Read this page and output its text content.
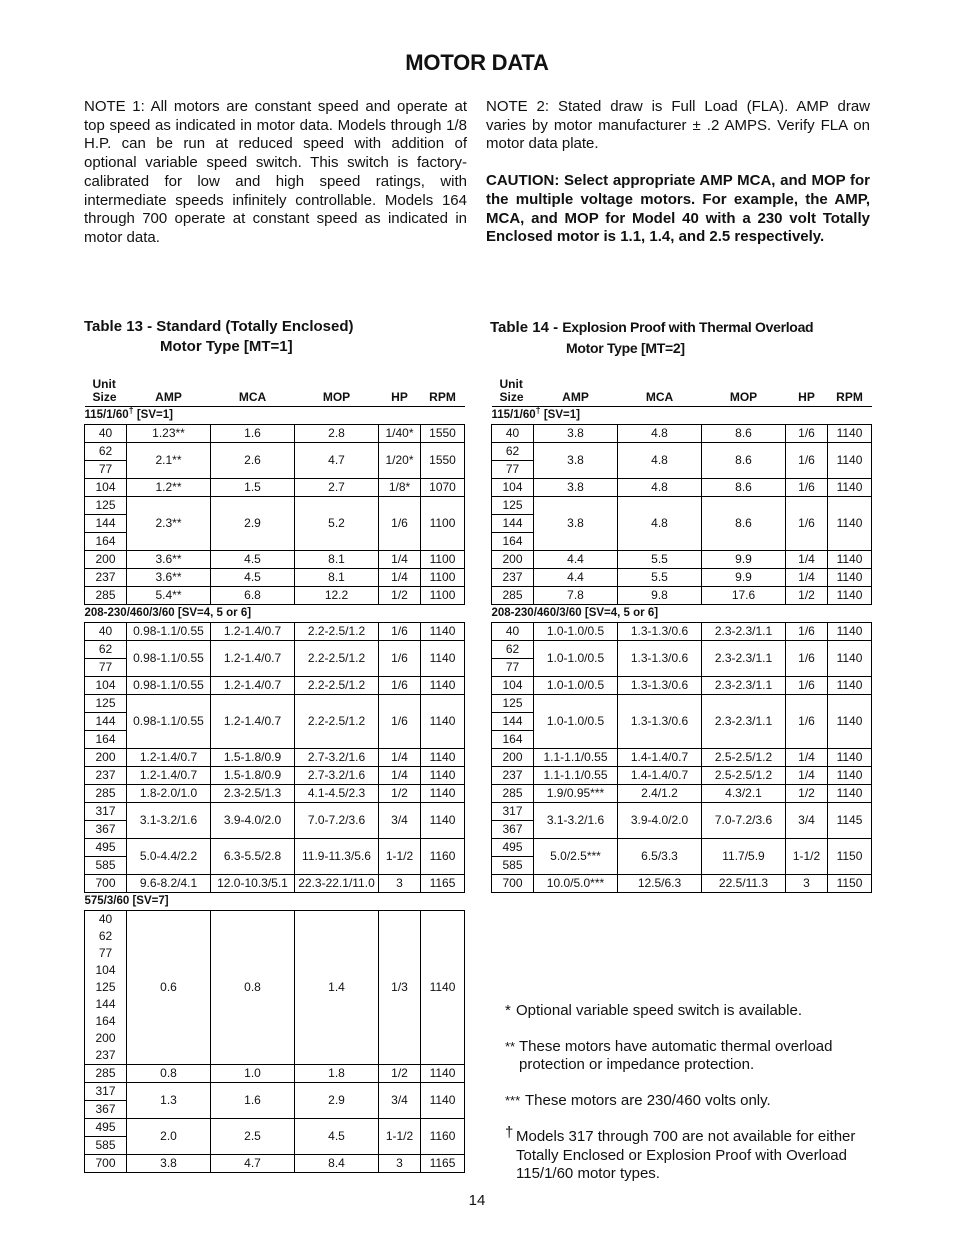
MOTOR DATA

NOTE 1: All motors are constant speed and operate at top speed as indicated in motor data. Models through 1/8 H.P. can be run at reduced speed with addition of optional variable speed switch. This switch is factory-calibrated for low and high speed ratings, with intermediate speeds infinitely controllable. Models 164 through 700 operate at constant speed as indicated in motor data.

NOTE 2: Stated draw is Full Load (FLA). AMP draw varies by motor manufacturer ± .2 AMPS. Verify FLA on motor data plate.

CAUTION: Select appropriate AMP MCA, and MOP for the multiple voltage motors. For example, the AMP, MCA, and MOP for Model 40 with a 230 volt Totally Enclosed motor is 1.1, 1.4, and 2.5 respectively.

Table 13 - Standard (Totally Enclosed)
Motor Type [MT=1]
Table 14 - Explosion Proof with Thermal Overload
Motor Type [MT=2]
Unit Size	AMP	MCA	MOP	HP	RPM
115/1/60† [SV=1]					
40	1.23**	1.6	2.8	1/40*	1550
62	2.1**	2.6	4.7	1/20*	1550
77					
104	1.2**	1.5	2.7	1/8*	1070
125	2.3**	2.9	5.2	1/6	1100
144					
164					
200	3.6**	4.5	8.1	1/4	1100
237	3.6**	4.5	8.1	1/4	1100
285	5.4**	6.8	12.2	1/2	1100
208-230/460/3/60 [SV=4, 5 or 6]					
40	0.98-1.1/0.55	1.2-1.4/0.7	2.2-2.5/1.2	1/6	1140
62	0.98-1.1/0.55	1.2-1.4/0.7	2.2-2.5/1.2	1/6	1140
77					
104	0.98-1.1/0.55	1.2-1.4/0.7	2.2-2.5/1.2	1/6	1140
125	0.98-1.1/0.55	1.2-1.4/0.7	2.2-2.5/1.2	1/6	1140
144					
164					
200	1.2-1.4/0.7	1.5-1.8/0.9	2.7-3.2/1.6	1/4	1140
237	1.2-1.4/0.7	1.5-1.8/0.9	2.7-3.2/1.6	1/4	1140
285	1.8-2.0/1.0	2.3-2.5/1.3	4.1-4.5/2.3	1/2	1140
317	3.1-3.2/1.6	3.9-4.0/2.0	7.0-7.2/3.6	3/4	1140
367					
495	5.0-4.4/2.2	6.3-5.5/2.8	11.9-11.3/5.6	1-1/2	1160
585					
700	9.6-8.2/4.1	12.0-10.3/5.1	22.3-22.1/11.0	3	1165
575/3/60 [SV=7]					
40	0.6	0.8	1.4	1/3	1140
62					
77					
104					
125					
144					
164					
200					
237					
285	0.8	1.0	1.8	1/2	1140
317	1.3	1.6	2.9	3/4	1140
367					
495	2.0	2.5	4.5	1-1/2	1160
585					
700	3.8	4.7	8.4	3	1165
Unit Size	AMP	MCA	MOP	HP	RPM
115/1/60† [SV=1]					
40	3.8	4.8	8.6	1/6	1140
62	3.8	4.8	8.6	1/6	1140
77					
104	3.8	4.8	8.6	1/6	1140
125	3.8	4.8	8.6	1/6	1140
144					
164					
200	4.4	5.5	9.9	1/4	1140
237	4.4	5.5	9.9	1/4	1140
285	7.8	9.8	17.6	1/2	1140
208-230/460/3/60 [SV=4, 5 or 6]					
40	1.0-1.0/0.5	1.3-1.3/0.6	2.3-2.3/1.1	1/6	1140
62	1.0-1.0/0.5	1.3-1.3/0.6	2.3-2.3/1.1	1/6	1140
77					
104	1.0-1.0/0.5	1.3-1.3/0.6	2.3-2.3/1.1	1/6	1140
125	1.0-1.0/0.5	1.3-1.3/0.6	2.3-2.3/1.1	1/6	1140
144					
164					
200	1.1-1.1/0.55	1.4-1.4/0.7	2.5-2.5/1.2	1/4	1140
237	1.1-1.1/0.55	1.4-1.4/0.7	2.5-2.5/1.2	1/4	1140
285	1.9/0.95***	2.4/1.2	4.3/2.1	1/2	1140
317	3.1-3.2/1.6	3.9-4.0/2.0	7.0-7.2/3.6	3/4	1145
367					
495	5.0/2.5***	6.5/3.3	11.7/5.9	1-1/2	1150
585					
700	10.0/5.0***	12.5/6.3	22.5/11.3	3	1150
* Optional variable speed switch is available.
** These motors have automatic thermal overload protection or impedance protection.
*** These motors are 230/460 volts only.
† Models 317 through 700 are not available for either Totally Enclosed or Explosion Proof with Overload 115/1/60 motor types.
14
